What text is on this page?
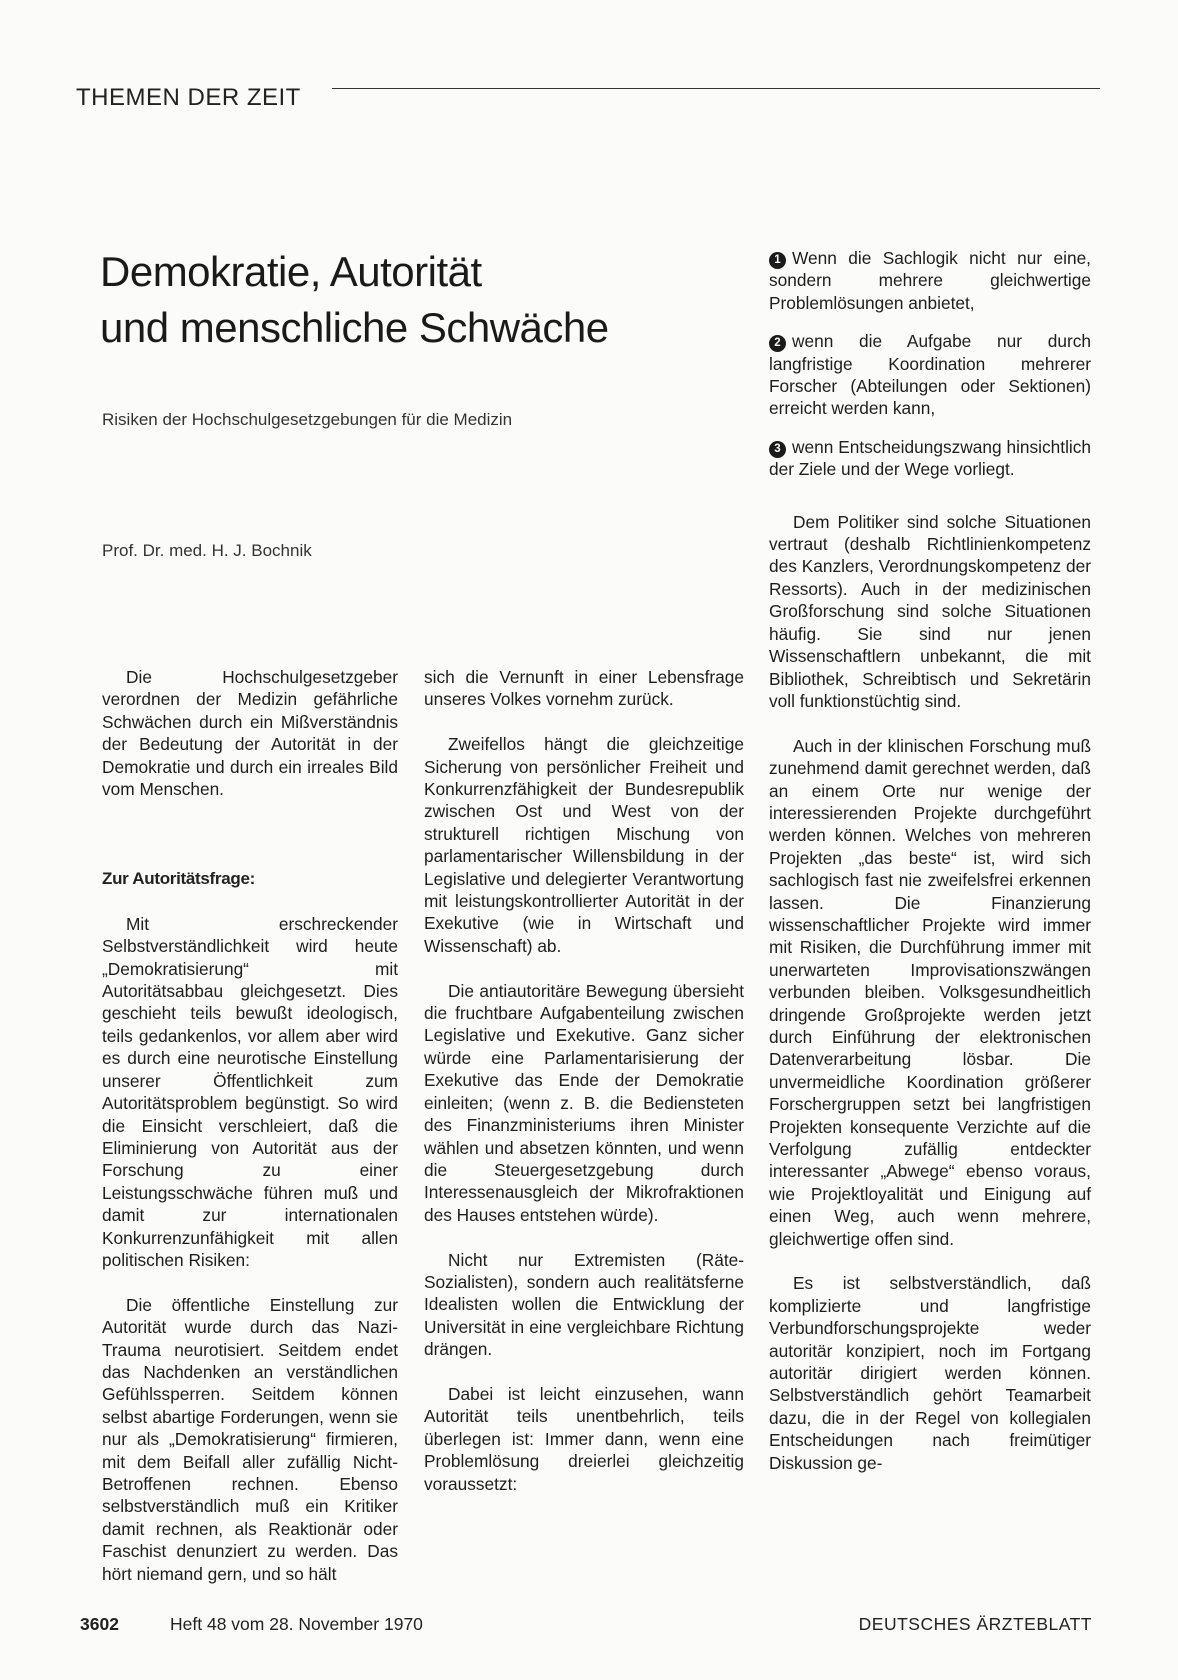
THEMEN DER ZEIT
Demokratie, Autorität
und menschliche Schwäche
Risiken der Hochschulgesetzgebungen für die Medizin
Prof. Dr. med. H. J. Bochnik

Die Hochschulgesetzgeber verordnen der Medizin gefährliche Schwächen durch ein Mißverständnis der Bedeutung der Autorität in der Demokratie und durch ein irreales Bild vom Menschen.

Zur Autoritätsfrage:

Mit erschreckender Selbstverständlichkeit wird heute „Demokratisierung“ mit Autoritätsabbau gleichgesetzt. Dies geschieht teils bewußt ideologisch, teils gedankenlos, vor allem aber wird es durch eine neurotische Einstellung unserer Öffentlichkeit zum Autoritätsproblem begünstigt. So wird die Einsicht verschleiert, daß die Eliminierung von Autorität aus der Forschung zu einer Leistungsschwäche führen muß und damit zur internationalen Konkurrenzunfähigkeit mit allen politischen Risiken:

Die öffentliche Einstellung zur Autorität wurde durch das Nazi-Trauma neurotisiert. Seitdem endet das Nachdenken an verständlichen Gefühlssperren. Seitdem können selbst abartige Forderungen, wenn sie nur als „Demokratisierung“ firmieren, mit dem Beifall aller zufällig Nicht-Betroffenen rechnen. Ebenso selbstverständlich muß ein Kritiker damit rechnen, als Reaktionär oder Faschist denunziert zu werden. Das hört niemand gern, und so hält

sich die Vernunft in einer Lebensfrage unseres Volkes vornehm zurück.

Zweifellos hängt die gleichzeitige Sicherung von persönlicher Freiheit und Konkurrenzfähigkeit der Bundesrepublik zwischen Ost und West von der strukturell richtigen Mischung von parlamentarischer Willensbildung in der Legislative und delegierter Verantwortung mit leistungskontrollierter Autorität in der Exekutive (wie in Wirtschaft und Wissenschaft) ab.

Die antiautoritäre Bewegung übersieht die fruchtbare Aufgabenteilung zwischen Legislative und Exekutive. Ganz sicher würde eine Parlamentarisierung der Exekutive das Ende der Demokratie einleiten; (wenn z. B. die Bediensteten des Finanzministeriums ihren Minister wählen und absetzen könnten, und wenn die Steuergesetzgebung durch Interessenausgleich der Mikrofraktionen des Hauses entstehen würde).

Nicht nur Extremisten (Räte-Sozialisten), sondern auch realitätsferne Idealisten wollen die Entwicklung der Universität in eine vergleichbare Richtung drängen.

Dabei ist leicht einzusehen, wann Autorität teils unentbehrlich, teils überlegen ist: Immer dann, wenn eine Problemlösung dreierlei gleichzeitig voraussetzt:

1 Wenn die Sachlogik nicht nur eine, sondern mehrere gleichwertige Problemlösungen anbietet,

2 wenn die Aufgabe nur durch langfristige Koordination mehrerer Forscher (Abteilungen oder Sektionen) erreicht werden kann,

3 wenn Entscheidungszwang hinsichtlich der Ziele und der Wege vorliegt.

Dem Politiker sind solche Situationen vertraut (deshalb Richtlinienkompetenz des Kanzlers, Verordnungskompetenz der Ressorts). Auch in der medizinischen Großforschung sind solche Situationen häufig. Sie sind nur jenen Wissenschaftlern unbekannt, die mit Bibliothek, Schreibtisch und Sekretärin voll funktionstüchtig sind.

Auch in der klinischen Forschung muß zunehmend damit gerechnet werden, daß an einem Orte nur wenige der interessierenden Projekte durchgeführt werden können. Welches von mehreren Projekten „das beste“ ist, wird sich sachlogisch fast nie zweifelsfrei erkennen lassen. Die Finanzierung wissenschaftlicher Projekte wird immer mit Risiken, die Durchführung immer mit unerwarteten Improvisationszwängen verbunden bleiben. Volksgesundheitlich dringende Großprojekte werden jetzt durch Einführung der elektronischen Datenverarbeitung lösbar. Die unvermeidliche Koordination größerer Forschergruppen setzt bei langfristigen Projekten konsequente Verzichte auf die Verfolgung zufällig entdeckter interessanter „Abwege“ ebenso voraus, wie Projektloyalität und Einigung auf einen Weg, auch wenn mehrere, gleichwertige offen sind.

Es ist selbstverständlich, daß komplizierte und langfristige Verbundforschungsprojekte weder autoritär konzipiert, noch im Fortgang autoritär dirigiert werden können. Selbstverständlich gehört Teamarbeit dazu, die in der Regel von kollegialen Entscheidungen nach freimütiger Diskussion ge-

3602	Heft 48 vom 28. November 1970	DEUTSCHES ÄRZTEBLATT
